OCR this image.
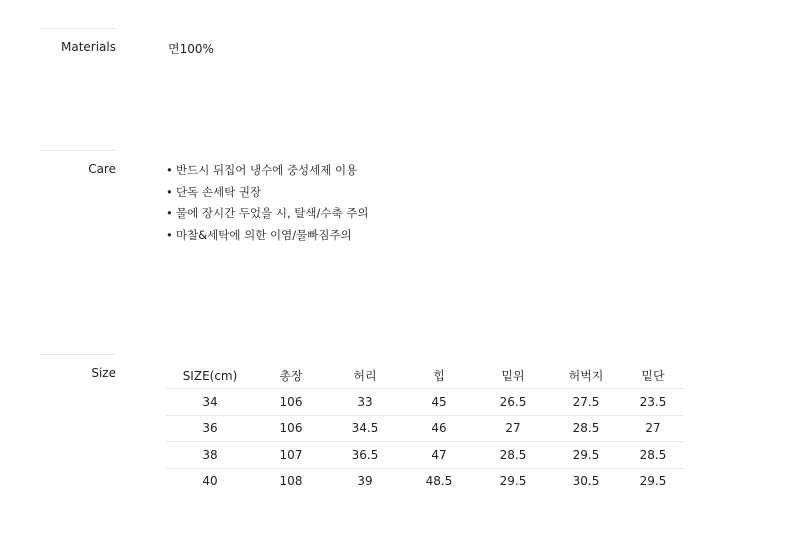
Materials	면100%
Care	• 반드시 뒤집어 냉수에 중성세제 이용
• 단독 손세탁 권장
• 물에 장시간 두었을 시, 탈색/수축 주의
• 마찰&세탁에 의한 이염/물빠짐주의
Size	SIZE(cm)	총장	허리	힙	밑위	허벅지	밑단
34	106	33	45	26.5	27.5	23.5
36	106	34.5	46	27	28.5	27
38	107	36.5	47	28.5	29.5	28.5
40	108	39	48.5	29.5	30.5	29.5
